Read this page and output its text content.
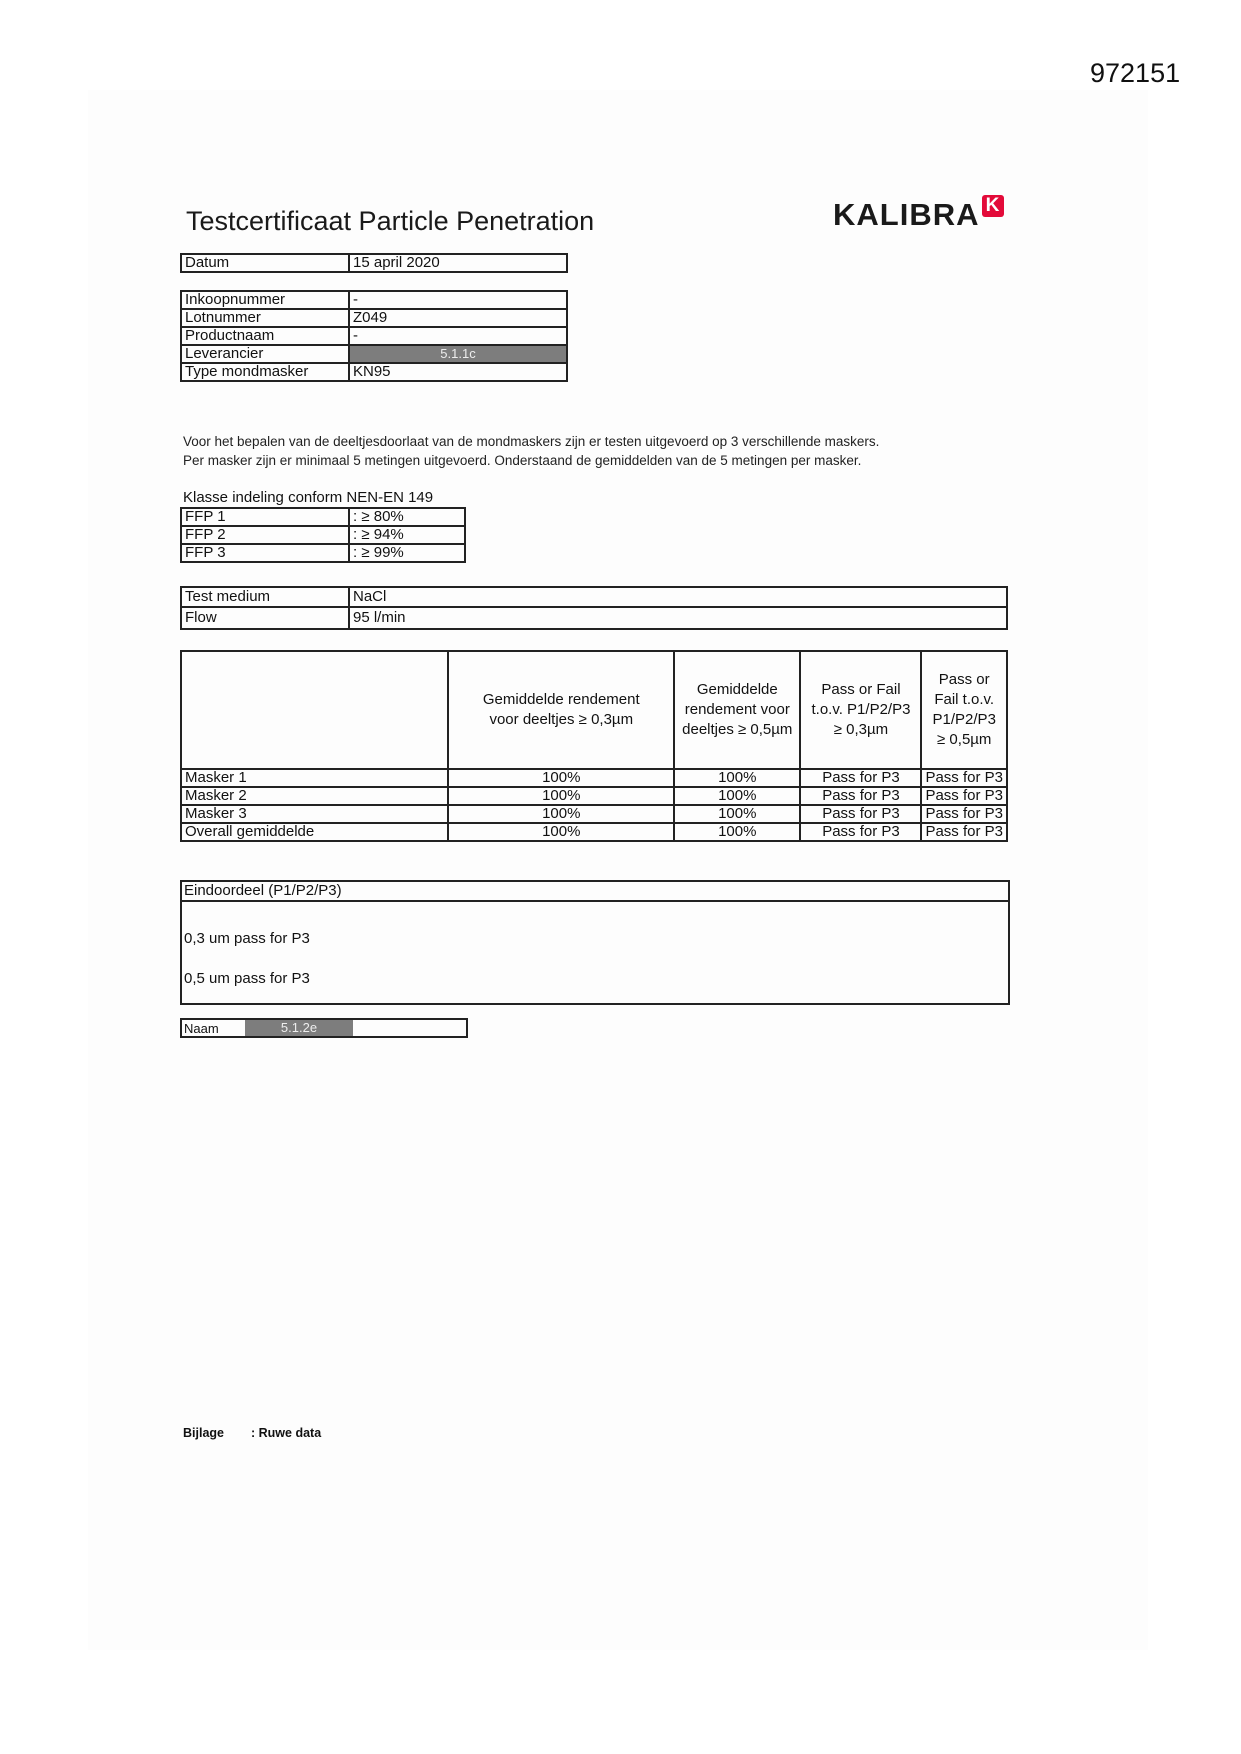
972151
Testcertificaat Particle Penetration	KALIBRA K
Datum	15 april 2020
Inkoopnummer	-
Lotnummer	Z049
Productnaam	-
Leverancier	5.1.1c
Type mondmasker	KN95
Voor het bepalen van de deeltjesdoorlaat van de mondmaskers zijn er testen uitgevoerd op 3 verschillende maskers.
Per masker zijn er minimaal 5 metingen uitgevoerd. Onderstaand de gemiddelden van de 5 metingen per masker.
Klasse indeling conform NEN-EN 149
FFP 1	: ≥ 80%
FFP 2	: ≥ 94%
FFP 3	: ≥ 99%
Test medium	NaCl
Flow	95 l/min
	Gemiddelde rendement voor deeltjes ≥ 0,3µm	Gemiddelde rendement voor deeltjes ≥ 0,5µm	Pass or Fail t.o.v. P1/P2/P3 ≥ 0,3µm	Pass or Fail t.o.v. P1/P2/P3 ≥ 0,5µm
Masker 1	100%	100%	Pass for P3	Pass for P3
Masker 2	100%	100%	Pass for P3	Pass for P3
Masker 3	100%	100%	Pass for P3	Pass for P3
Overall gemiddelde	100%	100%	Pass for P3	Pass for P3
Eindoordeel (P1/P2/P3)
0,3 um pass for P3
0,5 um pass for P3
Naam	5.1.2e
Bijlage : Ruwe data
